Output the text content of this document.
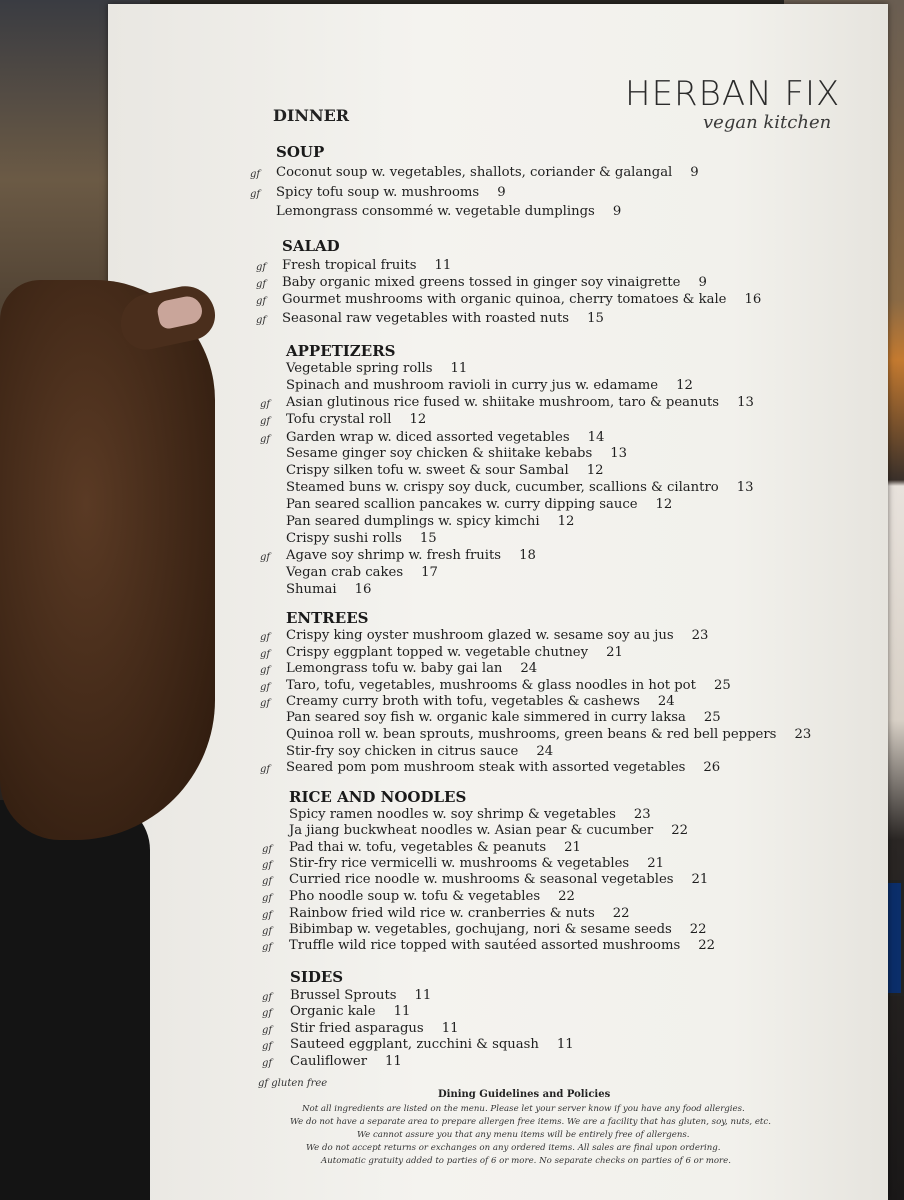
HERBAN FIX
vegan kitchen
DINNER
SOUP
gf Coconut soup w. vegetables, shallots, coriander & galangal 9
gf Spicy tofu soup w. mushrooms 9
Lemongrass consommé w. vegetable dumplings 9
SALAD
gf Fresh tropical fruits 11
gf Baby organic mixed greens tossed in ginger soy vinaigrette 9
gf Gourmet mushrooms with organic quinoa, cherry tomatoes & kale 16
gf Seasonal raw vegetables with roasted nuts 15
APPETIZERS
Vegetable spring rolls 11
Spinach and mushroom ravioli in curry jus w. edamame 12
gf Asian glutinous rice fused w. shiitake mushroom, taro & peanuts 13
gf Tofu crystal roll 12
gf Garden wrap w. diced assorted vegetables 14
Sesame ginger soy chicken & shiitake kebabs 13
Crispy silken tofu w. sweet & sour Sambal 12
Steamed buns w. crispy soy duck, cucumber, scallions & cilantro 13
Pan seared scallion pancakes w. curry dipping sauce 12
Pan seared dumplings w. spicy kimchi 12
Crispy sushi rolls 15
gf Agave soy shrimp w. fresh fruits 18
Vegan crab cakes 17
Shumai 16
ENTREES
gf Crispy king oyster mushroom glazed w. sesame soy au jus 23
gf Crispy eggplant topped w. vegetable chutney 21
gf Lemongrass tofu w. baby gai lan 24
gf Taro, tofu, vegetables, mushrooms & glass noodles in hot pot 25
gf Creamy curry broth with tofu, vegetables & cashews 24
Pan seared soy fish w. organic kale simmered in curry laksa 25
Quinoa roll w. bean sprouts, mushrooms, green beans & red bell peppers 23
Stir-fry soy chicken in citrus sauce 24
gf Seared pom pom mushroom steak with assorted vegetables 26
RICE AND NOODLES
Spicy ramen noodles w. soy shrimp & vegetables 23
Ja jiang buckwheat noodles w. Asian pear & cucumber 22
gf Pad thai w. tofu, vegetables & peanuts 21
gf Stir-fry rice vermicelli w. mushrooms & vegetables 21
gf Curried rice noodle w. mushrooms & seasonal vegetables 21
gf Pho noodle soup w. tofu & vegetables 22
gf Rainbow fried wild rice w. cranberries & nuts 22
gf Bibimbap w. vegetables, gochujang, nori & sesame seeds 22
gf Truffle wild rice topped with sautéed assorted mushrooms 22
SIDES
gf Brussel Sprouts 11
gf Organic kale 11
gf Stir fried asparagus 11
gf Sauteed eggplant, zucchini & squash 11
gf Cauliflower 11
gf gluten free
Dining Guidelines and Policies
Not all ingredients are listed on the menu. Please let your server know if you have any food allergies.
We do not have a separate area to prepare allergen free items. We are a facility that has gluten, soy, nuts, etc.
We cannot assure you that any menu items will be entirely free of allergens.
We do not accept returns or exchanges on any ordered items. All sales are final upon ordering.
Automatic gratuity added to parties of 6 or more. No separate checks on parties of 6 or more.
